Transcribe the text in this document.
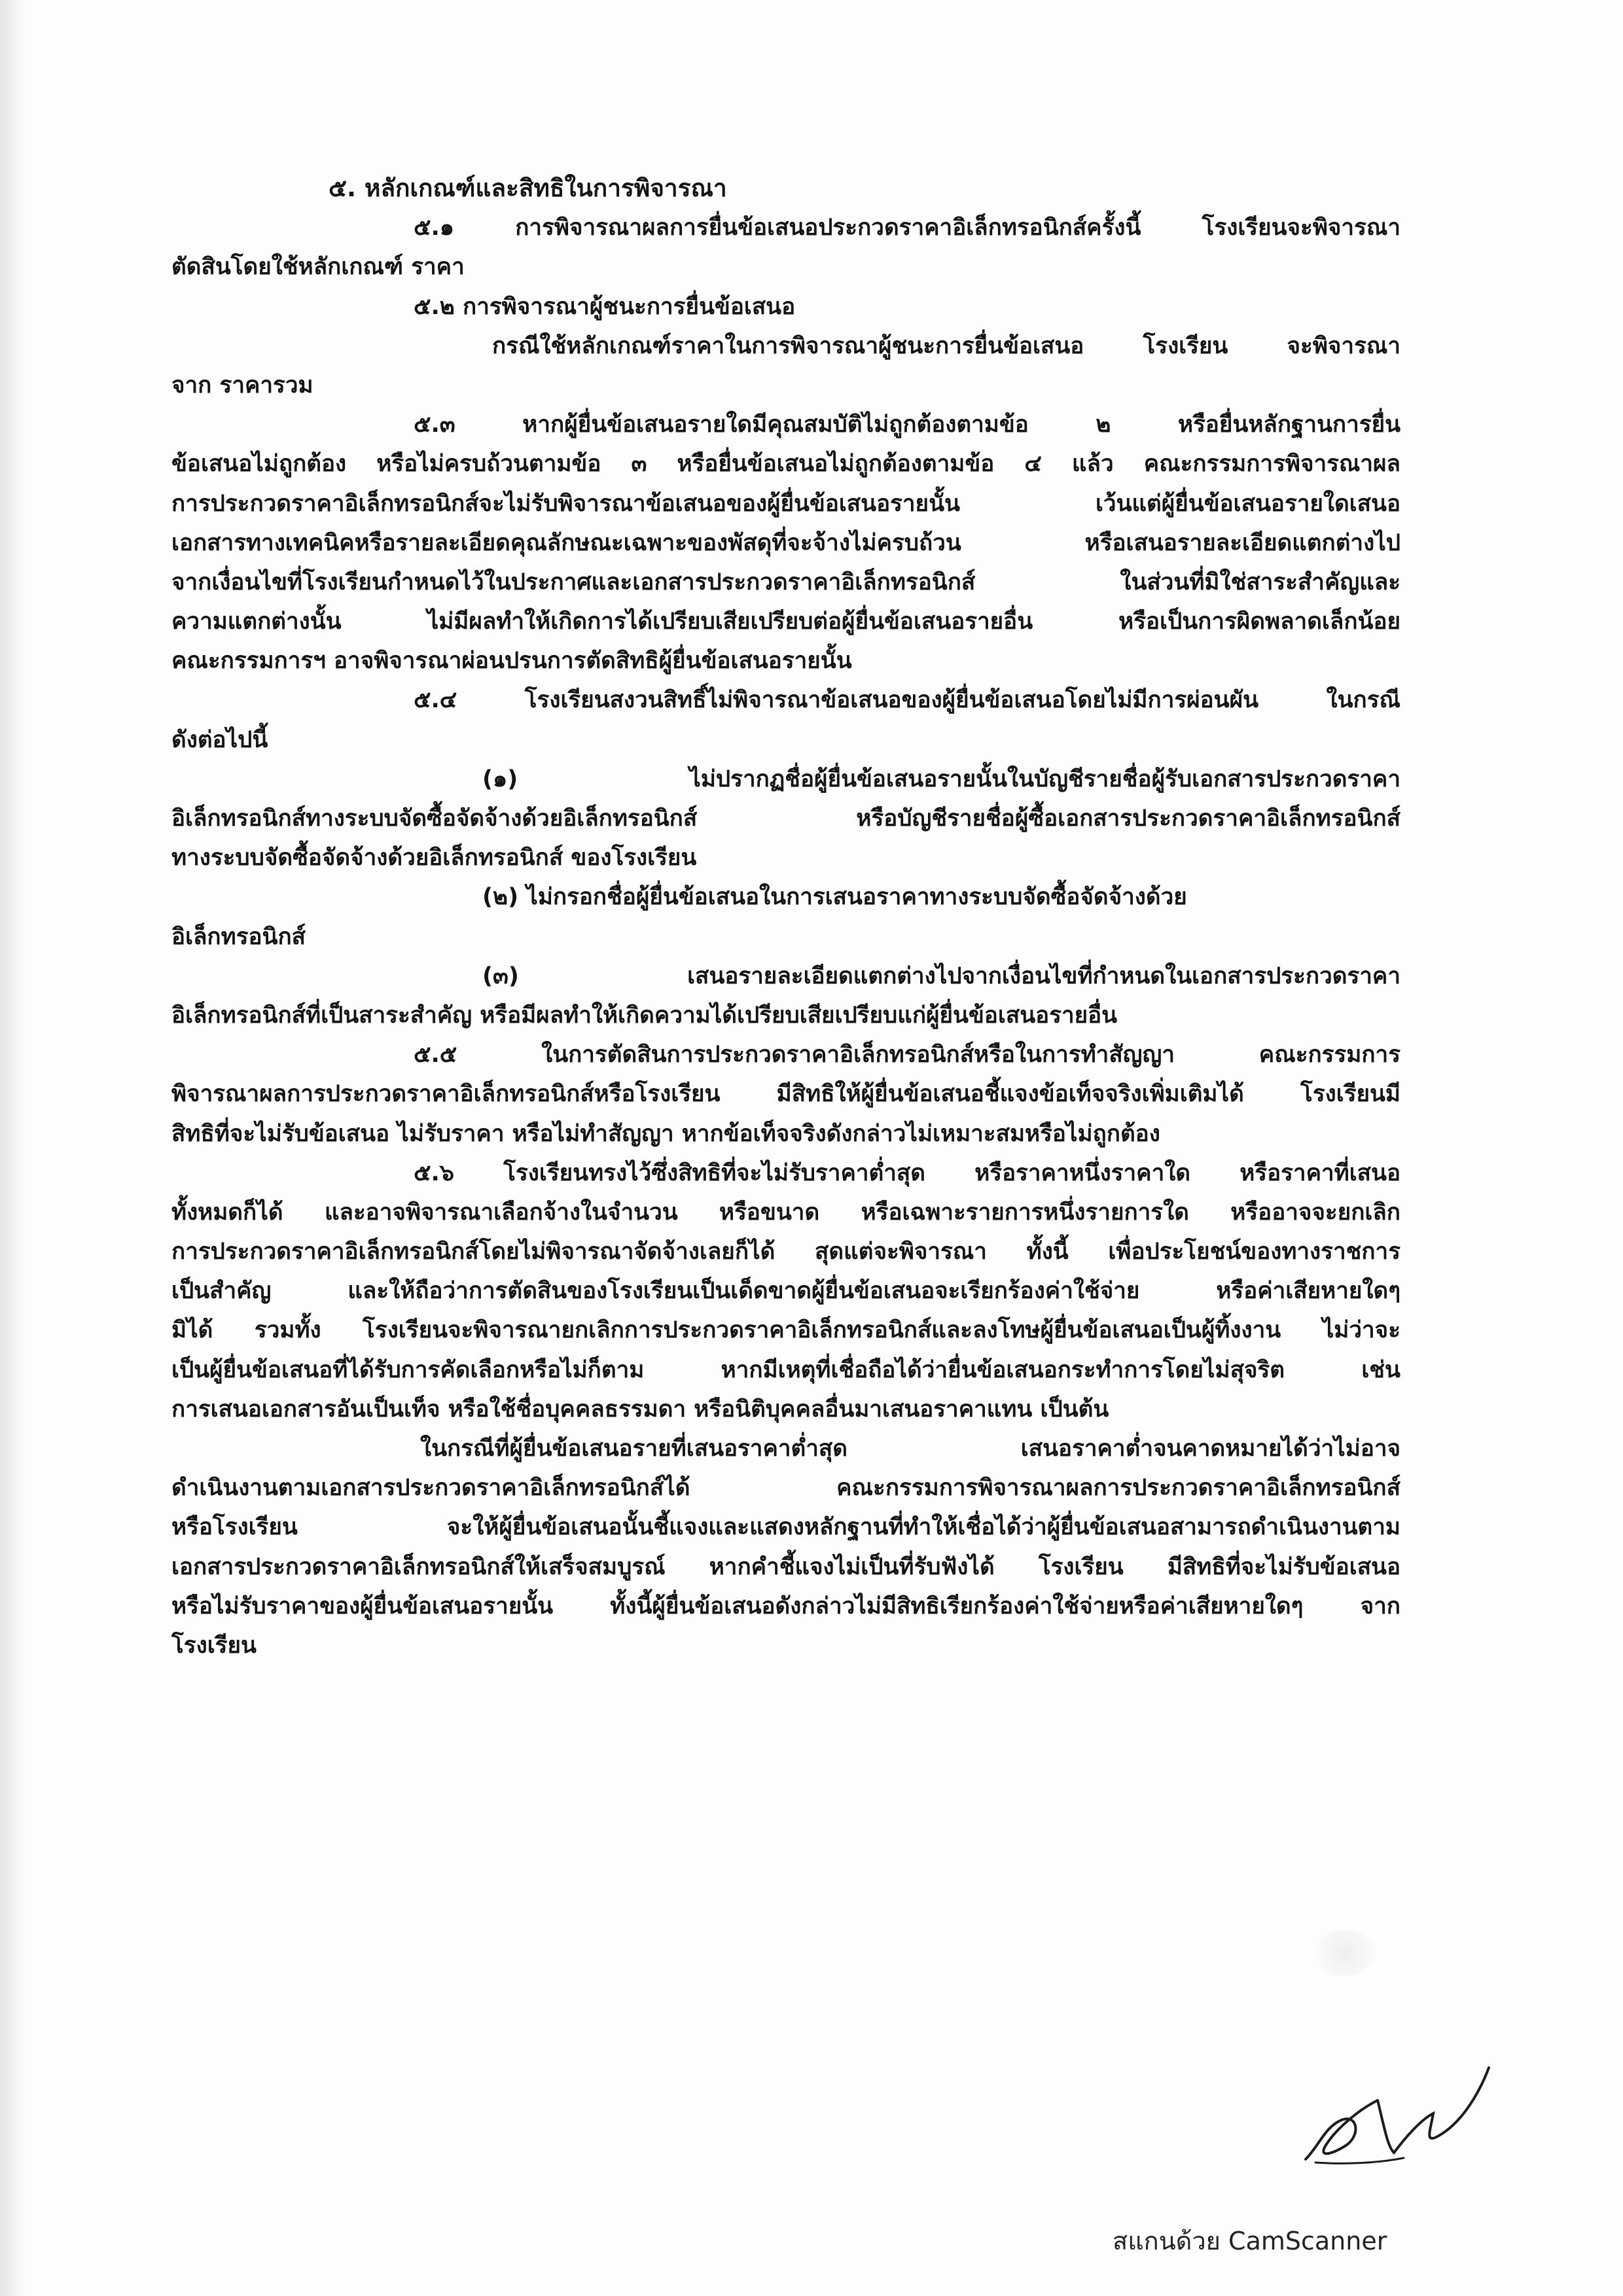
๕. หลักเกณฑ์และสิทธิในการพิจารณา
๕.๑ การพิจารณาผลการยื่นข้อเสนอประกวดราคาอิเล็กทรอนิกส์ครั้งนี้ โรงเรียนจะพิจารณา
ตัดสินโดยใช้หลักเกณฑ์ ราคา
๕.๒ การพิจารณาผู้ชนะการยื่นข้อเสนอ
กรณีใช้หลักเกณฑ์ราคาในการพิจารณาผู้ชนะการยื่นข้อเสนอ โรงเรียน จะพิจารณา
จาก ราคารวม
๕.๓ หากผู้ยื่นข้อเสนอรายใดมีคุณสมบัติไม่ถูกต้องตามข้อ ๒ หรือยื่นหลักฐานการยื่น
ข้อเสนอไม่ถูกต้อง หรือไม่ครบถ้วนตามข้อ ๓ หรือยื่นข้อเสนอไม่ถูกต้องตามข้อ ๔ แล้ว คณะกรรมการพิจารณาผล
การประกวดราคาอิเล็กทรอนิกส์จะไม่รับพิจารณาข้อเสนอของผู้ยื่นข้อเสนอรายนั้น เว้นแต่ผู้ยื่นข้อเสนอรายใดเสนอ
เอกสารทางเทคนิคหรือรายละเอียดคุณลักษณะเฉพาะของพัสดุที่จะจ้างไม่ครบถ้วน หรือเสนอรายละเอียดแตกต่างไป
จากเงื่อนไขที่โรงเรียนกำหนดไว้ในประกาศและเอกสารประกวดราคาอิเล็กทรอนิกส์ ในส่วนที่มิใช่สาระสำคัญและ
ความแตกต่างนั้น ไม่มีผลทำให้เกิดการได้เปรียบเสียเปรียบต่อผู้ยื่นข้อเสนอรายอื่น หรือเป็นการผิดพลาดเล็กน้อย
คณะกรรมการฯ อาจพิจารณาผ่อนปรนการตัดสิทธิผู้ยื่นข้อเสนอรายนั้น
๕.๔ โรงเรียนสงวนสิทธิ์ไม่พิจารณาข้อเสนอของผู้ยื่นข้อเสนอโดยไม่มีการผ่อนผัน ในกรณี
ดังต่อไปนี้
(๑) ไม่ปรากฏชื่อผู้ยื่นข้อเสนอรายนั้นในบัญชีรายชื่อผู้รับเอกสารประกวดราคา
อิเล็กทรอนิกส์ทางระบบจัดซื้อจัดจ้างด้วยอิเล็กทรอนิกส์ หรือบัญชีรายชื่อผู้ซื้อเอกสารประกวดราคาอิเล็กทรอนิกส์
ทางระบบจัดซื้อจัดจ้างด้วยอิเล็กทรอนิกส์ ของโรงเรียน
(๒) ไม่กรอกชื่อผู้ยื่นข้อเสนอในการเสนอราคาทางระบบจัดซื้อจัดจ้างด้วย
อิเล็กทรอนิกส์
(๓) เสนอรายละเอียดแตกต่างไปจากเงื่อนไขที่กำหนดในเอกสารประกวดราคา
อิเล็กทรอนิกส์ที่เป็นสาระสำคัญ หรือมีผลทำให้เกิดความได้เปรียบเสียเปรียบแก่ผู้ยื่นข้อเสนอรายอื่น
๕.๕ ในการตัดสินการประกวดราคาอิเล็กทรอนิกส์หรือในการทำสัญญา คณะกรรมการ
พิจารณาผลการประกวดราคาอิเล็กทรอนิกส์หรือโรงเรียน มีสิทธิให้ผู้ยื่นข้อเสนอชี้แจงข้อเท็จจริงเพิ่มเติมได้ โรงเรียนมี
สิทธิที่จะไม่รับข้อเสนอ ไม่รับราคา หรือไม่ทำสัญญา หากข้อเท็จจริงดังกล่าวไม่เหมาะสมหรือไม่ถูกต้อง
๕.๖ โรงเรียนทรงไว้ซึ่งสิทธิที่จะไม่รับราคาต่ำสุด หรือราคาหนึ่งราคาใด หรือราคาที่เสนอ
ทั้งหมดก็ได้ และอาจพิจารณาเลือกจ้างในจำนวน หรือขนาด หรือเฉพาะรายการหนึ่งรายการใด หรืออาจจะยกเลิก
การประกวดราคาอิเล็กทรอนิกส์โดยไม่พิจารณาจัดจ้างเลยก็ได้ สุดแต่จะพิจารณา ทั้งนี้ เพื่อประโยชน์ของทางราชการ
เป็นสำคัญ และให้ถือว่าการตัดสินของโรงเรียนเป็นเด็ดขาดผู้ยื่นข้อเสนอจะเรียกร้องค่าใช้จ่าย หรือค่าเสียหายใดๆ
มิได้ รวมทั้ง โรงเรียนจะพิจารณายกเลิกการประกวดราคาอิเล็กทรอนิกส์และลงโทษผู้ยื่นข้อเสนอเป็นผู้ทิ้งงาน ไม่ว่าจะ
เป็นผู้ยื่นข้อเสนอที่ได้รับการคัดเลือกหรือไม่ก็ตาม หากมีเหตุที่เชื่อถือได้ว่ายื่นข้อเสนอกระทำการโดยไม่สุจริต เช่น
การเสนอเอกสารอันเป็นเท็จ หรือใช้ชื่อบุคคลธรรมดา หรือนิติบุคคลอื่นมาเสนอราคาแทน เป็นต้น
ในกรณีที่ผู้ยื่นข้อเสนอรายที่เสนอราคาต่ำสุด เสนอราคาต่ำจนคาดหมายได้ว่าไม่อาจ
ดำเนินงานตามเอกสารประกวดราคาอิเล็กทรอนิกส์ได้ คณะกรรมการพิจารณาผลการประกวดราคาอิเล็กทรอนิกส์
หรือโรงเรียน จะให้ผู้ยื่นข้อเสนอนั้นชี้แจงและแสดงหลักฐานที่ทำให้เชื่อได้ว่าผู้ยื่นข้อเสนอสามารถดำเนินงานตาม
เอกสารประกวดราคาอิเล็กทรอนิกส์ให้เสร็จสมบูรณ์ หากคำชี้แจงไม่เป็นที่รับฟังได้ โรงเรียน มีสิทธิที่จะไม่รับข้อเสนอ
หรือไม่รับราคาของผู้ยื่นข้อเสนอรายนั้น ทั้งนี้ผู้ยื่นข้อเสนอดังกล่าวไม่มีสิทธิเรียกร้องค่าใช้จ่ายหรือค่าเสียหายใดๆ จาก
โรงเรียน
สแกนด้วย CamScanner
